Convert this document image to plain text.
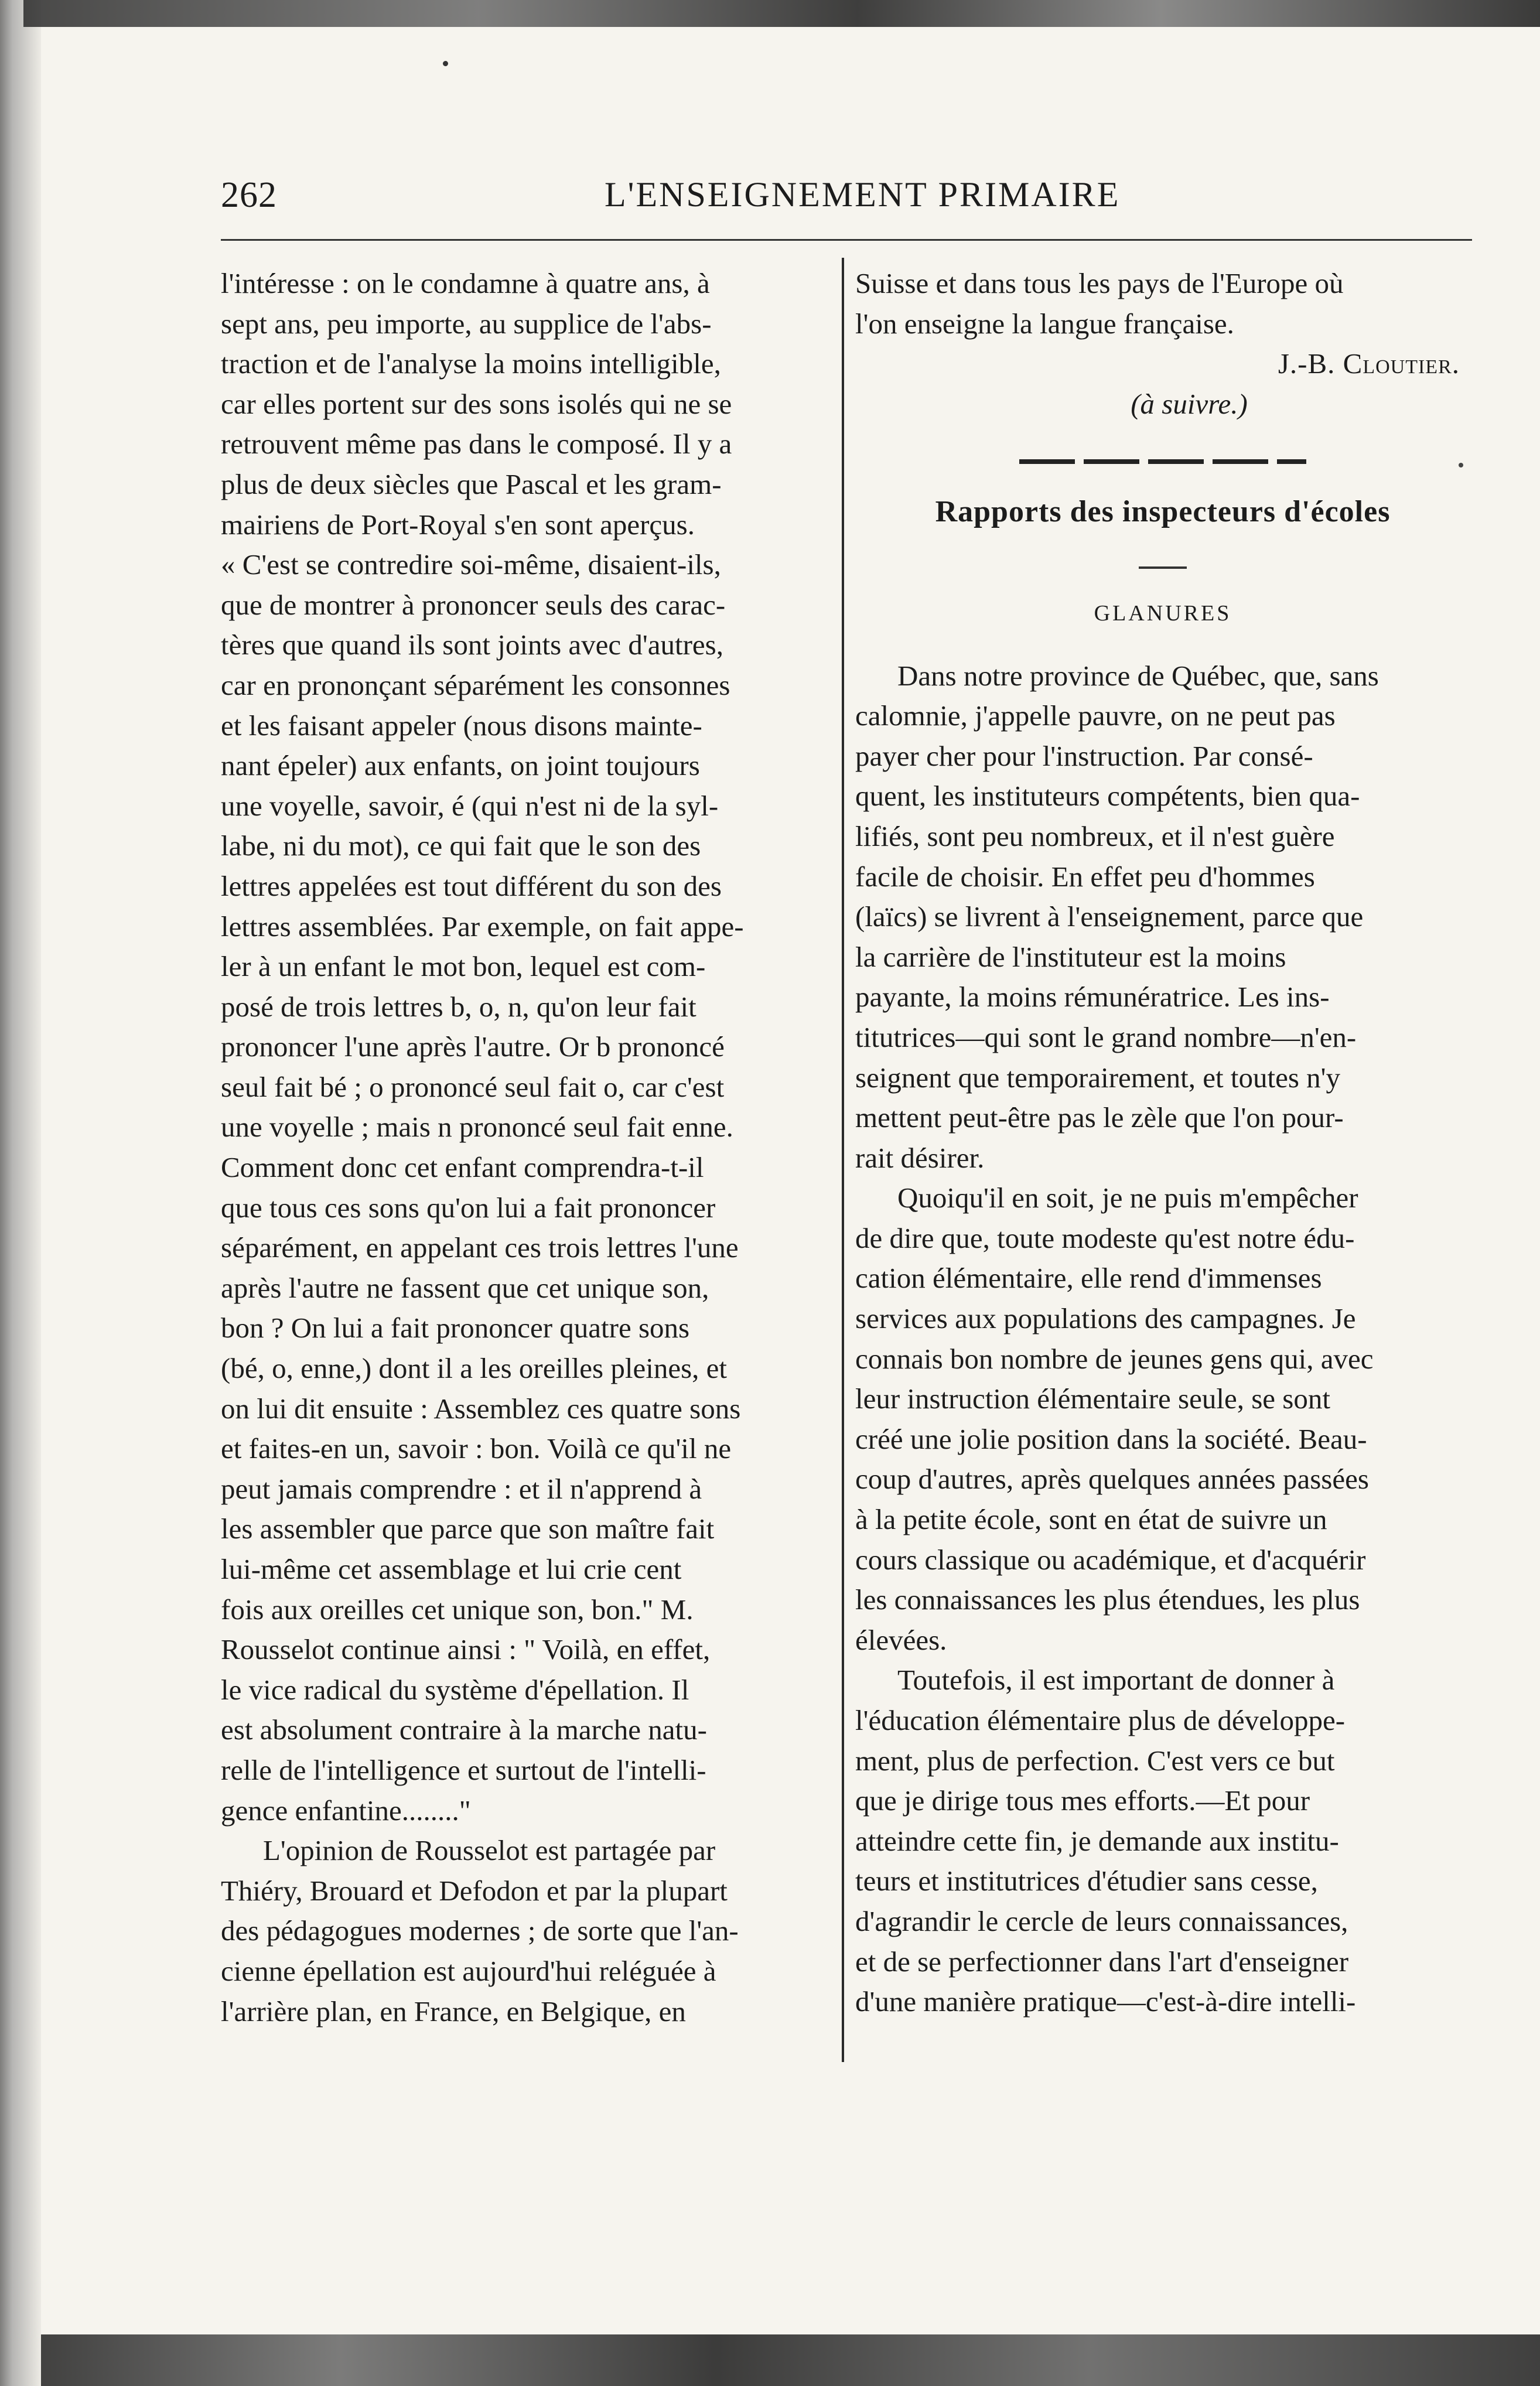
262	L'ENSEIGNEMENT PRIMAIRE

l'intéresse : on le condamne à quatre ans, à
sept ans, peu importe, au supplice de l'abs-
traction et de l'analyse la moins intelligible,
car elles portent sur des sons isolés qui ne se
retrouvent même pas dans le composé. Il y a
plus de deux siècles que Pascal et les gram-
mairiens de Port-Royal s'en sont aperçus.
« C'est se contredire soi-même, disaient-ils,
que de montrer à prononcer seuls des carac-
tères que quand ils sont joints avec d'autres,
car en prononçant séparément les consonnes
et les faisant appeler (nous disons mainte-
nant épeler) aux enfants, on joint toujours
une voyelle, savoir, é (qui n'est ni de la syl-
labe, ni du mot), ce qui fait que le son des
lettres appelées est tout différent du son des
lettres assemblées. Par exemple, on fait appe-
ler à un enfant le mot bon, lequel est com-
posé de trois lettres b, o, n, qu'on leur fait
prononcer l'une après l'autre. Or b prononcé
seul fait bé ; o prononcé seul fait o, car c'est
une voyelle ; mais n prononcé seul fait enne.
Comment donc cet enfant comprendra-t-il
que tous ces sons qu'on lui a fait prononcer
séparément, en appelant ces trois lettres l'une
après l'autre ne fassent que cet unique son,
bon ? On lui a fait prononcer quatre sons
(bé, o, enne,) dont il a les oreilles pleines, et
on lui dit ensuite : Assemblez ces quatre sons
et faites-en un, savoir : bon. Voilà ce qu'il ne
peut jamais comprendre : et il n'apprend à
les assembler que parce que son maître fait
lui-même cet assemblage et lui crie cent
fois aux oreilles cet unique son, bon." M.
Rousselot continue ainsi : " Voilà, en effet,
le vice radical du système d'épellation. Il
est absolument contraire à la marche natu-
relle de l'intelligence et surtout de l'intelli-
gence enfantine........"

L'opinion de Rousselot est partagée par
Thiéry, Brouard et Defodon et par la plupart
des pédagogues modernes ; de sorte que l'an-
cienne épellation est aujourd'hui reléguée à
l'arrière plan, en France, en Belgique, en

Suisse et dans tous les pays de l'Europe où
l'on enseigne la langue française.

J.-B. Cloutier.

(à suivre.)

Rapports des inspecteurs d'écoles
GLANURES

Dans notre province de Québec, que, sans
calomnie, j'appelle pauvre, on ne peut pas
payer cher pour l'instruction. Par consé-
quent, les instituteurs compétents, bien qua-
lifiés, sont peu nombreux, et il n'est guère
facile de choisir. En effet peu d'hommes
(laïcs) se livrent à l'enseignement, parce que
la carrière de l'instituteur est la moins
payante, la moins rémunératrice. Les ins-
titutrices—qui sont le grand nombre—n'en-
seignent que temporairement, et toutes n'y
mettent peut-être pas le zèle que l'on pour-
rait désirer.

Quoiqu'il en soit, je ne puis m'empêcher
de dire que, toute modeste qu'est notre édu-
cation élémentaire, elle rend d'immenses
services aux populations des campagnes. Je
connais bon nombre de jeunes gens qui, avec
leur instruction élémentaire seule, se sont
créé une jolie position dans la société. Beau-
coup d'autres, après quelques années passées
à la petite école, sont en état de suivre un
cours classique ou académique, et d'acquérir
les connaissances les plus étendues, les plus
élevées.

Toutefois, il est important de donner à
l'éducation élémentaire plus de développe-
ment, plus de perfection. C'est vers ce but
que je dirige tous mes efforts.—Et pour
atteindre cette fin, je demande aux institu-
teurs et institutrices d'étudier sans cesse,
d'agrandir le cercle de leurs connaissances,
et de se perfectionner dans l'art d'enseigner
d'une manière pratique—c'est-à-dire intelli-
